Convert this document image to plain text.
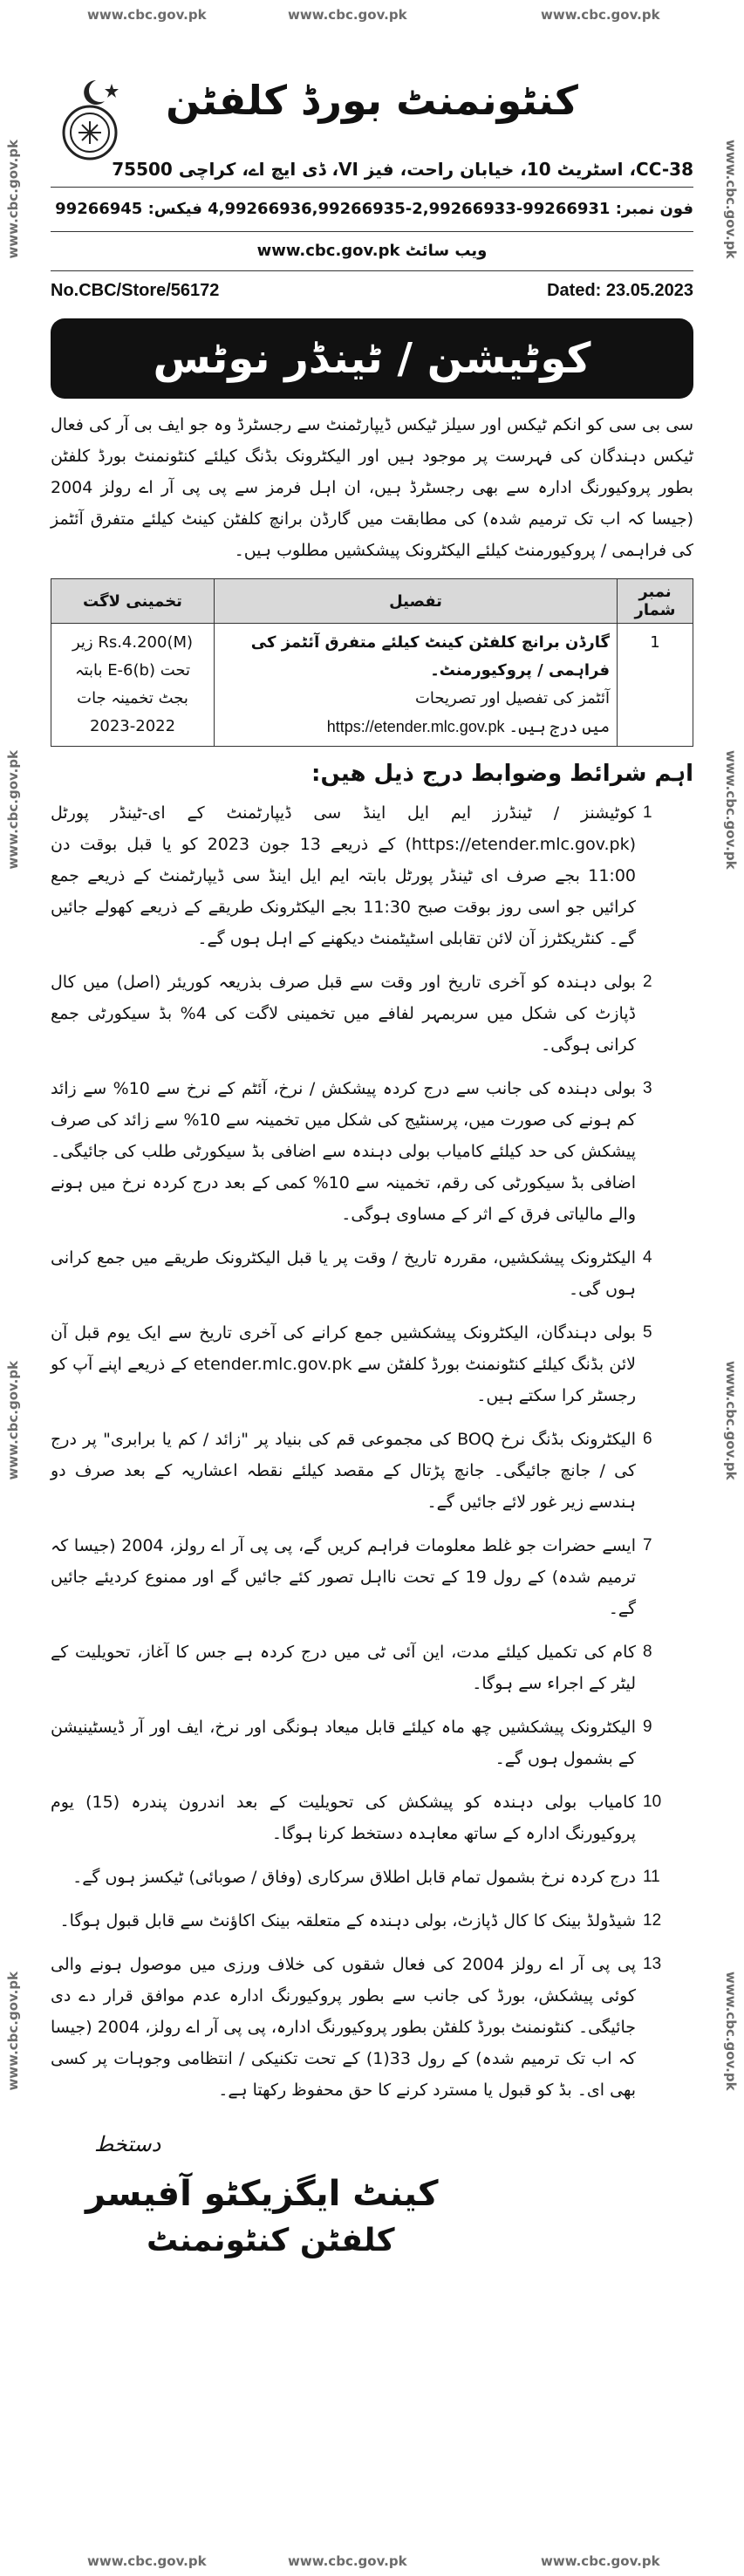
www.cbc.gov.pk	www.cbc.gov.pk	www.cbc.gov.pk
www.cbc.gov.pk	www.cbc.gov.pk	www.cbc.gov.pk
www.cbc.gov.pk
www.cbc.gov.pk
www.cbc.gov.pk
www.cbc.gov.pk
www.cbc.gov.pk
www.cbc.gov.pk
www.cbc.gov.pk
www.cbc.gov.pk
کنٹونمنٹ بورڈ کلفٹن
CC-38، اسٹریٹ 10، خیابان راحت، فیز VI، ڈی ایچ اے، کراچی 75500
فون نمبر: 99266931-2,99266933-4,99266936,99266935 فیکس: 99266945
ویب سائٹ www.cbc.gov.pk
No.CBC/Store/56172	Dated: 23.05.2023
کوٹیشن / ٹینڈر نوٹس
سی بی سی کو انکم ٹیکس اور سیلز ٹیکس ڈیپارٹمنٹ سے رجسٹرڈ وہ جو ایف بی آر کی فعال ٹیکس دہندگان کی فہرست پر موجود ہیں اور الیکٹرونک بڈنگ کیلئے کنٹونمنٹ بورڈ کلفٹن بطور پروکیورنگ ادارہ سے بھی رجسٹرڈ ہیں، ان اہل فرمز سے پی پی آر اے رولز 2004 (جیسا کہ اب تک ترمیم شدہ) کی مطابقت میں گارڈن برانچ کلفٹن کینٹ کیلئے متفرق آئٹمز کی فراہمی / پروکیورمنٹ کیلئے الیکٹرونک پیشکشیں مطلوب ہیں۔
نمبر شمار	تفصیل	تخمینی لاگت
1	گارڈن برانچ کلفٹن کینٹ کیلئے متفرق آئٹمز کی فراہمی / پروکیورمنٹ۔
آئٹمز کی تفصیل اور تصریحات
https://etender.mlc.gov.pk میں درج ہیں۔	Rs.4.200(M) زیر تحت E-6(b) بابتہ بجٹ تخمینہ جات 2022-2023
اہم شرائط وضوابط درج ذیل ھیں:
1
کوٹیشنز / ٹینڈرز ایم ایل اینڈ سی ڈیپارٹمنٹ کے ای-ٹینڈر پورٹل (https://etender.mlc.gov.pk) کے ذریعے 13 جون 2023 کو یا قبل بوقت دن 11:00 بجے صرف ای ٹینڈر پورٹل بابتہ ایم ایل اینڈ سی ڈیپارٹمنٹ کے ذریعے جمع کرائیں جو اسی روز بوقت صبح 11:30 بجے الیکٹرونک طریقے کے ذریعے کھولے جائیں گے۔ کنٹریکٹرز آن لائن تقابلی اسٹیٹمنٹ دیکھنے کے اہل ہوں گے۔
2
بولی دہندہ کو آخری تاریخ اور وقت سے قبل صرف بذریعہ کوریئر (اصل) میں کال ڈپازٹ کی شکل میں سربمہر لفافے میں تخمینی لاگت کی 4% بڈ سیکورٹی جمع کرانی ہوگی۔
3
بولی دہندہ کی جانب سے درج کردہ پیشکش / نرخ، آئٹم کے نرخ سے 10% سے زائد کم ہونے کی صورت میں، پرسنٹیج کی شکل میں تخمینہ سے 10% سے زائد کی صرف پیشکش کی حد کیلئے کامیاب بولی دہندہ سے اضافی بڈ سیکورٹی طلب کی جائیگی۔ اضافی بڈ سیکورٹی کی رقم، تخمینہ سے 10% کمی کے بعد درج کردہ نرخ میں ہونے والے مالیاتی فرق کے اثر کے مساوی ہوگی۔
4
الیکٹرونک پیشکشیں، مقررہ تاریخ / وقت پر یا قبل الیکٹرونک طریقے میں جمع کرانی ہوں گی۔
5
بولی دہندگان، الیکٹرونک پیشکشیں جمع کرانے کی آخری تاریخ سے ایک یوم قبل آن لائن بڈنگ کیلئے کنٹونمنٹ بورڈ کلفٹن سے etender.mlc.gov.pk کے ذریعے اپنے آپ کو رجسٹر کرا سکتے ہیں۔
6
الیکٹرونک بڈنگ نرخ BOQ کی مجموعی قم کی بنیاد پر "زائد / کم یا برابری" پر درج کی / جانچ جائیگی۔ جانچ پڑتال کے مقصد کیلئے نقطہ اعشاریہ کے بعد صرف دو ہندسے زیر غور لائے جائیں گے۔
7
ایسے حضرات جو غلط معلومات فراہم کریں گے، پی پی آر اے رولز، 2004 (جیسا کہ ترمیم شدہ) کے رول 19 کے تحت نااہل تصور کئے جائیں گے اور ممنوع کردیئے جائیں گے۔
8
کام کی تکمیل کیلئے مدت، این آئی ٹی میں درج کردہ ہے جس کا آغاز، تحویلیت کے لیٹر کے اجراء سے ہوگا۔
9
الیکٹرونک پیشکشیں چھ ماہ کیلئے قابل میعاد ہونگی اور نرخ، ایف اور آر ڈیسٹینیشن کے بشمول ہوں گے۔
10
کامیاب بولی دہندہ کو پیشکش کی تحویلیت کے بعد اندرون پندرہ (15) یوم پروکیورنگ ادارہ کے ساتھ معاہدہ دستخط کرنا ہوگا۔
11
درج کردہ نرخ بشمول تمام قابل اطلاق سرکاری (وفاق / صوبائی) ٹیکسز ہوں گے۔
12
شیڈولڈ بینک کا کال ڈپازٹ، بولی دہندہ کے متعلقہ بینک اکاؤنٹ سے قابل قبول ہوگا۔
13
پی پی آر اے رولز 2004 کی فعال شقوں کی خلاف ورزی میں موصول ہونے والی کوئی پیشکش، بورڈ کی جانب سے بطور پروکیورنگ ادارہ عدم موافق قرار دے دی جائیگی۔ کنٹونمنٹ بورڈ کلفٹن بطور پروکیورنگ ادارہ، پی پی آر اے رولز، 2004 (جیسا کہ اب تک ترمیم شدہ) کے رول 33(1) کے تحت تکنیکی / انتظامی وجوہات پر کسی بھی ای۔ بڈ کو قبول یا مسترد کرنے کا حق محفوظ رکھتا ہے۔
دستخط
کینٹ ایگزیکٹو آفیسر
کلفٹن کنٹونمنٹ
